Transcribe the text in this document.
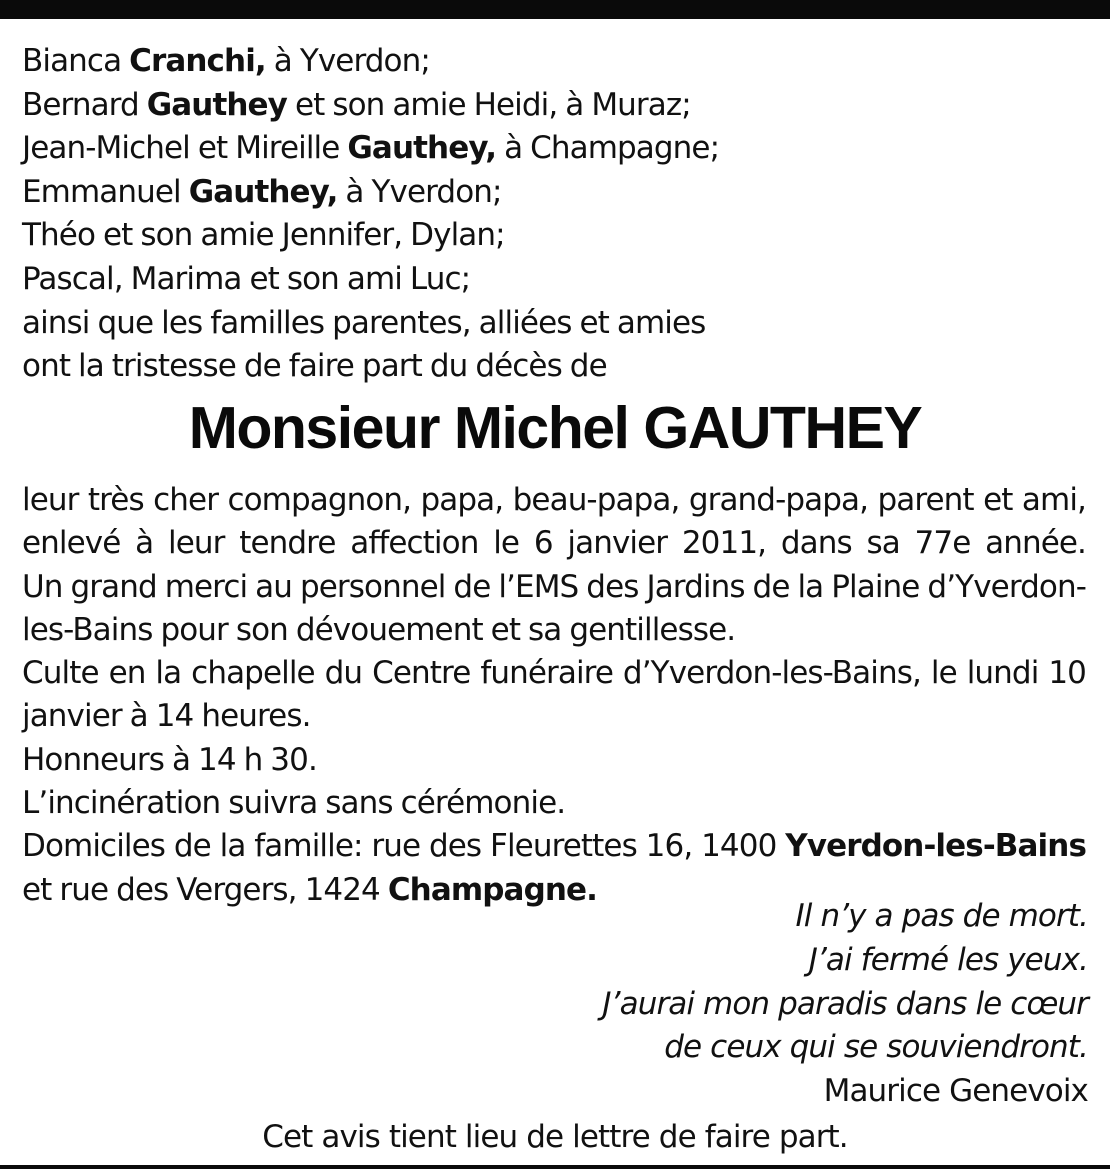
Bianca Cranchi, à Yverdon;
Bernard Gauthey et son amie Heidi, à Muraz;
Jean-Michel et Mireille Gauthey, à Champagne;
Emmanuel Gauthey, à Yverdon;
Théo et son amie Jennifer, Dylan;
Pascal, Marima et son ami Luc;
ainsi que les familles parentes, alliées et amies
ont la tristesse de faire part du décès de
Monsieur Michel GAUTHEY
leur très cher compagnon, papa, beau-papa, grand-papa, parent et ami,
enlevé à leur tendre affection le 6 janvier 2011, dans sa 77e année.
Un grand merci au personnel de l’EMS des Jardins de la Plaine d’Yverdon-
les-Bains pour son dévouement et sa gentillesse.
Culte en la chapelle du Centre funéraire d’Yverdon-les-Bains, le lundi 10
janvier à 14 heures.
Honneurs à 14 h 30.
L’incinération suivra sans cérémonie.
Domiciles de la famille: rue des Fleurettes 16, 1400 Yverdon-les-Bains
et rue des Vergers, 1424 Champagne.
Il n’y a pas de mort.
J’ai fermé les yeux.
J’aurai mon paradis dans le cœur
de ceux qui se souviendront.
Maurice Genevoix
Cet avis tient lieu de lettre de faire part.
